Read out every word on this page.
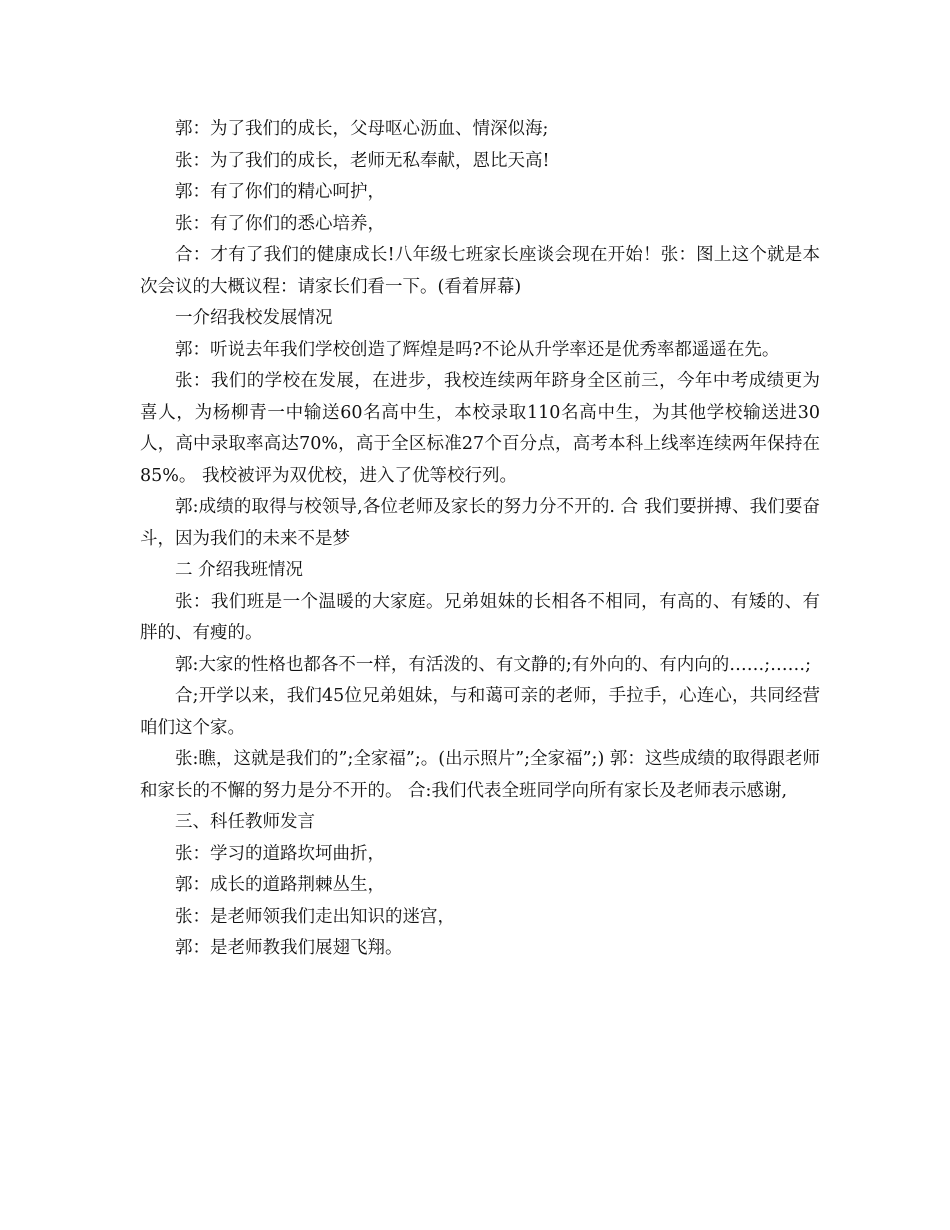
郭：为了我们的成长，父母呕心沥血、情深似海;

张：为了我们的成长，老师无私奉献，恩比天高!

郭：有了你们的精心呵护，

张：有了你们的悉心培养，

合：才有了我们的健康成长!八年级七班家长座谈会现在开始！张：图上这个就是本次会议的大概议程：请家长们看一下。(看着屏幕)

一介绍我校发展情况

郭：听说去年我们学校创造了辉煌是吗?不论从升学率还是优秀率都遥遥在先。

张：我们的学校在发展，在进步，我校连续两年跻身全区前三，今年中考成绩更为喜人，为杨柳青一中输送60名高中生，本校录取110名高中生，为其他学校输送进30人，高中录取率高达70%，高于全区标准27个百分点，高考本科上线率连续两年保持在85%。 我校被评为双优校，进入了优等校行列。

郭:成绩的取得与校领导,各位老师及家长的努力分不开的. 合 我们要拼搏、我们要奋斗，因为我们的未来不是梦

二 介绍我班情况

张：我们班是一个温暖的大家庭。兄弟姐妹的长相各不相同，有高的、有矮的、有胖的、有瘦的。

郭:大家的性格也都各不一样，有活泼的、有文静的;有外向的、有内向的……;……;

合;开学以来，我们45位兄弟姐妹，与和蔼可亲的老师，手拉手，心连心，共同经营咱们这个家。

张:瞧，这就是我们的”;全家福”;。(出示照片”;全家福”;) 郭：这些成绩的取得跟老师和家长的不懈的努力是分不开的。 合:我们代表全班同学向所有家长及老师表示感谢,

三、科任教师发言

张：学习的道路坎坷曲折，

郭：成长的道路荆棘丛生，

张：是老师领我们走出知识的迷宫，

郭：是老师教我们展翅飞翔。
